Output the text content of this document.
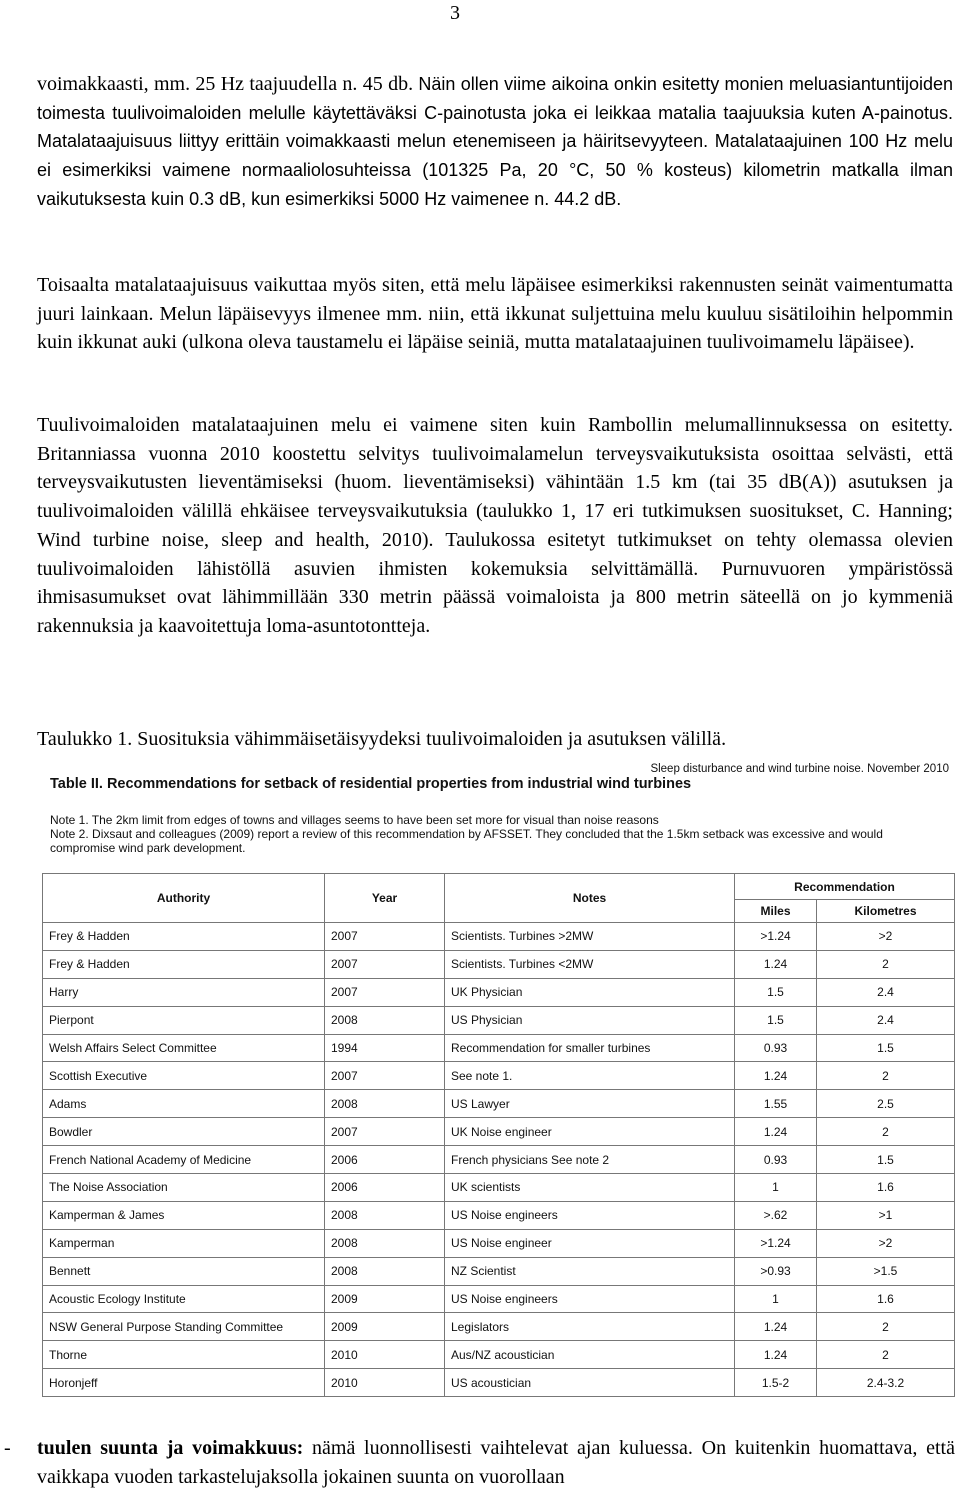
3

voimakkaasti, mm. 25 Hz taajuudella n. 45 db. Näin ollen viime aikoina onkin esitetty monien meluasiantuntijoiden toimesta tuulivoimaloiden melulle käytettäväksi C-painotusta joka ei leikkaa matalia taajuuksia kuten A-painotus. Matalataajuisuus liittyy erittäin voimakkaasti melun etenemiseen ja häiritsevyyteen. Matalataajuinen 100 Hz melu ei esimerkiksi vaimene normaaliolosuhteissa (101325 Pa, 20 °C, 50 % kosteus) kilometrin matkalla ilman vaikutuksesta kuin 0.3 dB, kun esimerkiksi 5000 Hz vaimenee n. 44.2 dB.

Toisaalta matalataajuisuus vaikuttaa myös siten, että melu läpäisee esimerkiksi rakennusten seinät vaimentumatta juuri lainkaan. Melun läpäisevyys ilmenee mm. niin, että ikkunat suljettuina melu kuuluu sisätiloihin helpommin kuin ikkunat auki (ulkona oleva taustamelu ei läpäise seiniä, mutta matalataajuinen tuulivoimamelu läpäisee).

Tuulivoimaloiden matalataajuinen melu ei vaimene siten kuin Rambollin melumallinnuksessa on esitetty. Britanniassa vuonna 2010 koostettu selvitys tuulivoimalamelun terveysvaikutuksista osoittaa selvästi, että terveysvaikutusten lieventämiseksi (huom. lieventämiseksi) vähintään 1.5 km (tai 35 dB(A)) asutuksen ja tuulivoimaloiden välillä ehkäisee terveysvaikutuksia (taulukko 1, 17 eri tutkimuksen suositukset, C. Hanning; Wind turbine noise, sleep and health, 2010). Taulukossa esitetyt tutkimukset on tehty olemassa olevien tuulivoimaloiden lähistöllä asuvien ihmisten kokemuksia selvittämällä. Purnuvuoren ympäristössä ihmisasumukset ovat lähimmillään 330 metrin päässä voimaloista ja 800 metrin säteellä on jo kymmeniä rakennuksia ja kaavoitettuja loma-asuntotontteja.

Taulukko 1. Suosituksia vähimmäisetäisyydeksi tuulivoimaloiden ja asutuksen välillä.

Sleep disturbance and wind turbine noise. November 2010
Table II. Recommendations for setback of residential properties from industrial wind turbines
Note 1. The 2km limit from edges of towns and villages seems to have been set more for visual than noise reasons
Note 2. Dixsaut and colleagues (2009) report a review of this recommendation by AFSSET. They concluded that the 1.5km setback was excessive and would compromise wind park development.
Authority	Year	Notes	Recommendation	
			Miles	Kilometres
Frey & Hadden	2007	Scientists. Turbines >2MW	>1.24	>2
Frey & Hadden	2007	Scientists. Turbines <2MW	1.24	2
Harry	2007	UK Physician	1.5	2.4
Pierpont	2008	US Physician	1.5	2.4
Welsh Affairs Select Committee	1994	Recommendation for smaller turbines	0.93	1.5
Scottish Executive	2007	See note 1.	1.24	2
Adams	2008	US Lawyer	1.55	2.5
Bowdler	2007	UK Noise engineer	1.24	2
French National Academy of Medicine	2006	French physicians See note 2	0.93	1.5
The Noise Association	2006	UK scientists	1	1.6
Kamperman & James	2008	US Noise engineers	>.62	>1
Kamperman	2008	US Noise engineer	>1.24	>2
Bennett	2008	NZ Scientist	>0.93	>1.5
Acoustic Ecology Institute	2009	US Noise engineers	1	1.6
NSW General Purpose Standing Committee	2009	Legislators	1.24	2
Thorne	2010	Aus/NZ acoustician	1.24	2
Horonjeff	2010	US acoustician	1.5-2	2.4-3.2
- tuulen suunta ja voimakkuus: nämä luonnollisesti vaihtelevat ajan kuluessa. On kuitenkin huomattava, että vaikkapa vuoden tarkastelujaksolla jokainen suunta on vuorollaan
